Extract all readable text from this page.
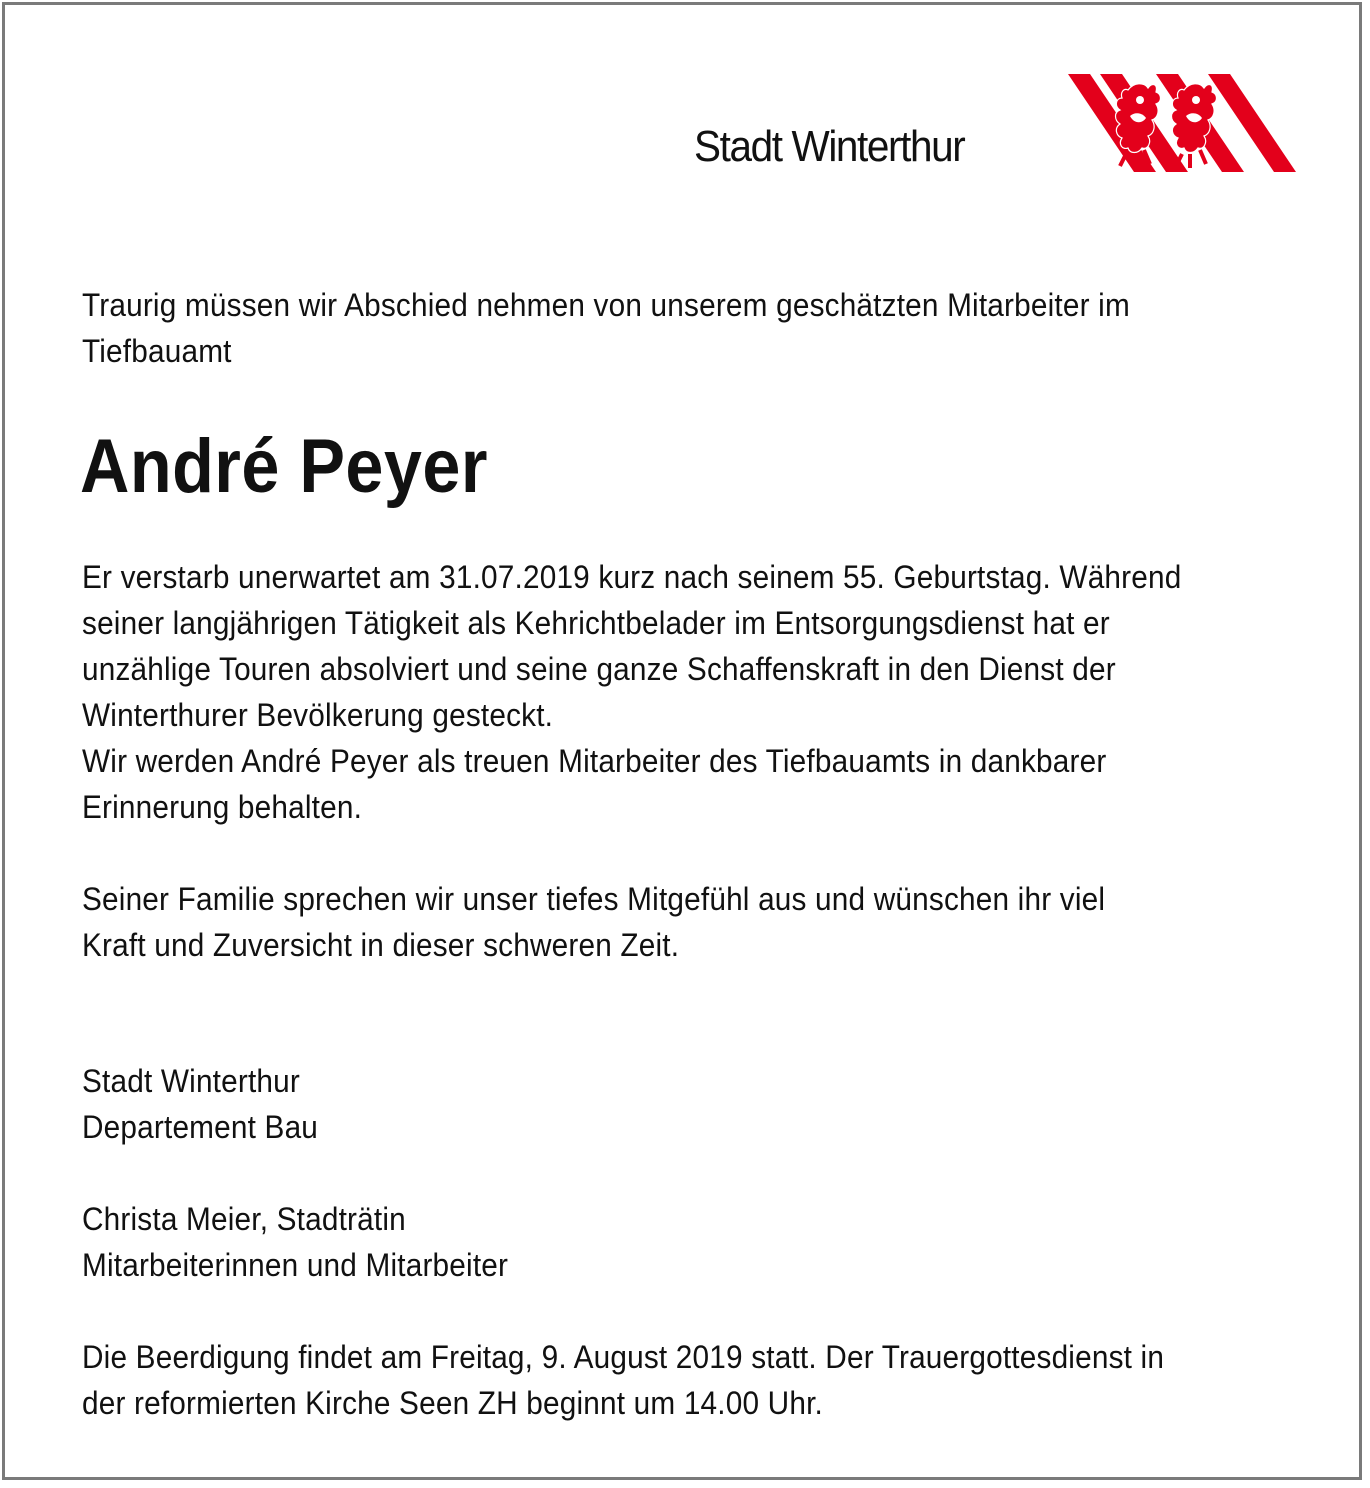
Stadt Winterthur
Traurig müssen wir Abschied nehmen von unserem geschätzten Mitarbeiter im
Tiefbauamt
André Peyer
Er verstarb unerwartet am 31.07.2019 kurz nach seinem 55. Geburtstag. Während
seiner langjährigen Tätigkeit als Kehrichtbelader im Entsorgungsdienst hat er
unzählige Touren absolviert und seine ganze Schaffenskraft in den Dienst der
Winterthurer Bevölkerung gesteckt.
Wir werden André Peyer als treuen Mitarbeiter des Tiefbauamts in dankbarer
Erinnerung behalten.
Seiner Familie sprechen wir unser tiefes Mitgefühl aus und wünschen ihr viel
Kraft und Zuversicht in dieser schweren Zeit.
Stadt Winterthur
Departement Bau
Christa Meier, Stadträtin
Mitarbeiterinnen und Mitarbeiter
Die Beerdigung findet am Freitag, 9. August 2019 statt. Der Trauergottesdienst in
der reformierten Kirche Seen ZH beginnt um 14.00 Uhr.
